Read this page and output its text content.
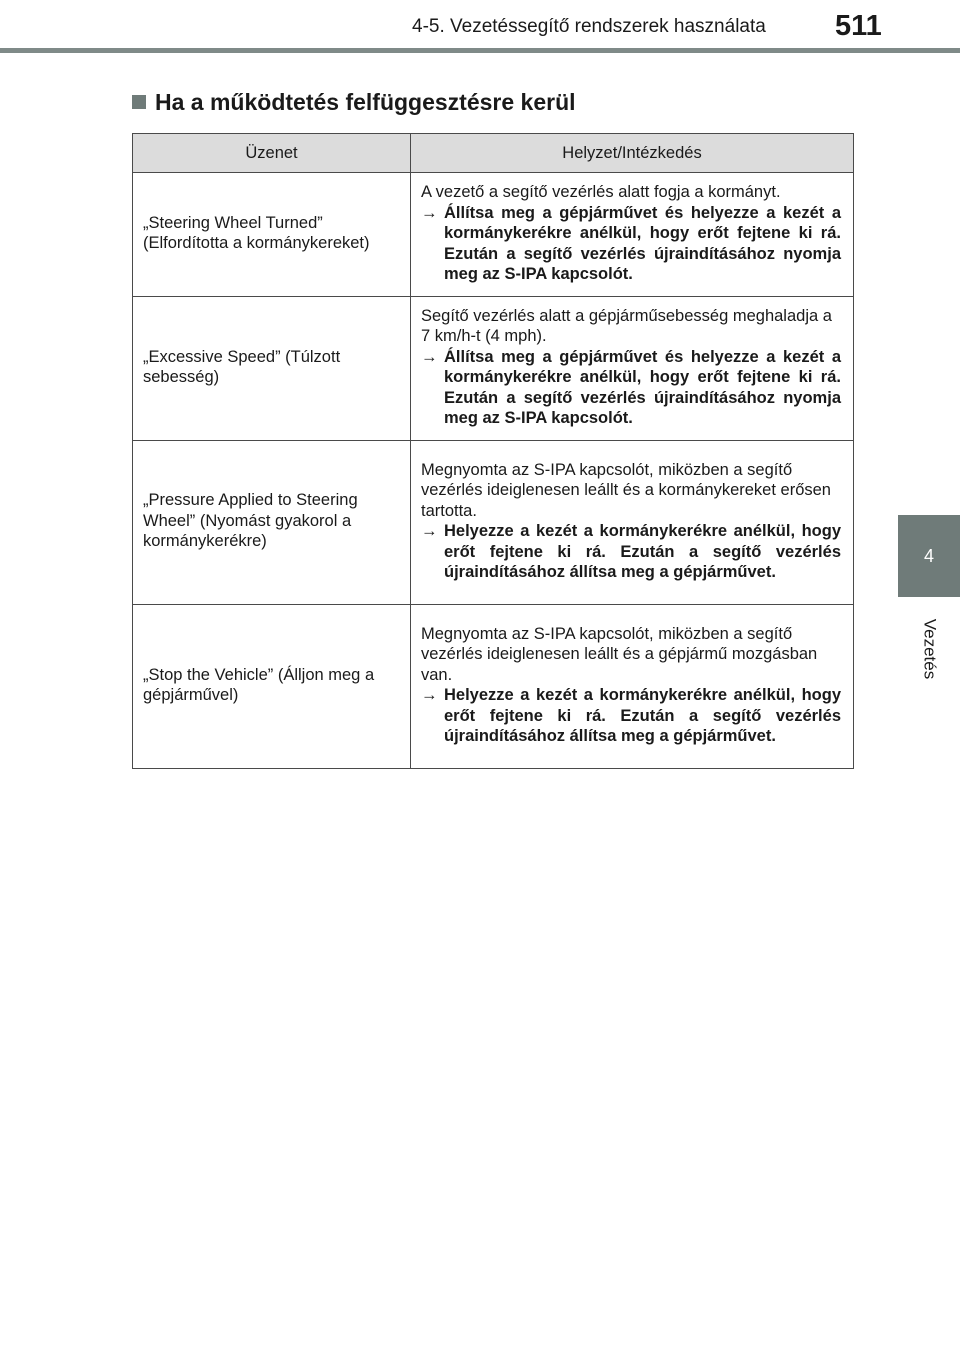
4-5. Vezetéssegítő rendszerek használata 511
4
Vezetés
Ha a működtetés felfüggesztésre kerül
Üzenet	Helyzet/Intézkedés
„Steering Wheel Turned” (Elfordította a kormánykereket)	A vezető a segítő vezérlés alatt fogja a kormányt.
→ Állítsa meg a gépjárművet és helyezze a kezét a kormánykerékre anélkül, hogy erőt fejtene ki rá. Ezután a segítő vezérlés újraindításához nyomja meg az S-IPA kapcsolót.

„Excessive Speed” (Túlzott sebesség)	Segítő vezérlés alatt a gépjárműsebesség meghaladja a 7 km/h-t (4 mph).
→ Állítsa meg a gépjárművet és helyezze a kezét a kormánykerékre anélkül, hogy erőt fejtene ki rá. Ezután a segítő vezérlés újraindításához nyomja meg az S-IPA kapcsolót.

„Pressure Applied to Steering Wheel” (Nyomást gyakorol a kormánykerékre)	Megnyomta az S-IPA kapcsolót, miközben a segítő vezérlés ideiglenesen leállt és a kormánykereket erősen tartotta.
→ Helyezze a kezét a kormánykerékre anélkül, hogy erőt fejtene ki rá. Ezután a segítő vezérlés újraindításához állítsa meg a gépjárművet.

„Stop the Vehicle” (Álljon meg a gépjárművel)	Megnyomta az S-IPA kapcsolót, miközben a segítő vezérlés ideiglenesen leállt és a gépjármű mozgásban van.
→ Helyezze a kezét a kormánykerékre anélkül, hogy erőt fejtene ki rá. Ezután a segítő vezérlés újraindításához állítsa meg a gépjárművet.
